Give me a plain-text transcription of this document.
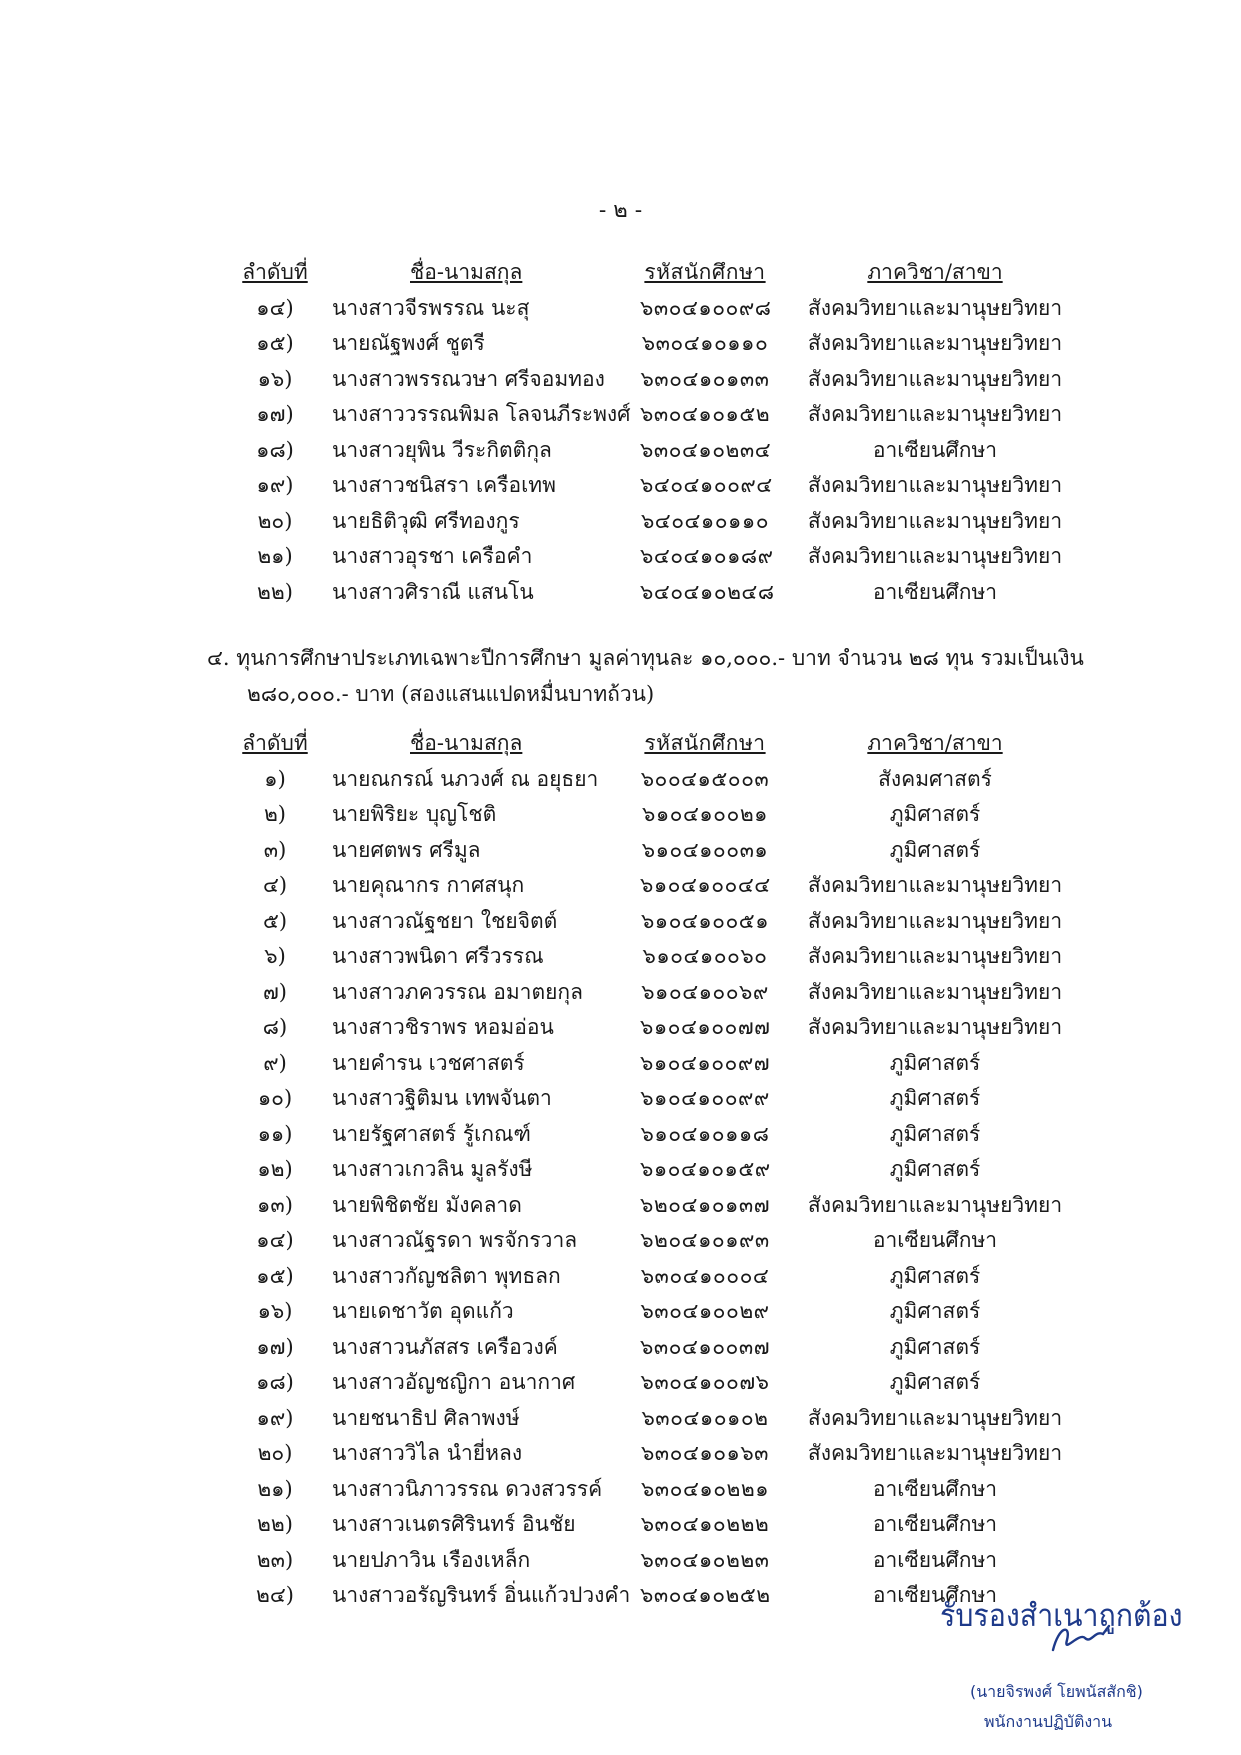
- ๒ -
ลำดับที่	ชื่อ-นามสกุล	รหัสนักศึกษา	ภาควิชา/สาขา
๑๔)	นางสาวจีรพรรณ นะสุ	๖๓๐๔๑๐๐๙๘	สังคมวิทยาและมานุษยวิทยา
๑๕)	นายณัฐพงศ์ ชูตรี	๖๓๐๔๑๐๑๑๐	สังคมวิทยาและมานุษยวิทยา
๑๖)	นางสาวพรรณวษา ศรีจอมทอง ๖๓๐๔๑๐๑๓๓	สังคมวิทยาและมานุษยวิทยา
๑๗)	นางสาววรรณพิมล โลจนภีระพงศ์ ๖๓๐๔๑๐๑๕๒	สังคมวิทยาและมานุษยวิทยา
๑๘)	นางสาวยุพิน วีระกิตติกุล	๖๓๐๔๑๐๒๓๔	อาเซียนศึกษา
๑๙)	นางสาวชนิสรา เครือเทพ	๖๔๐๔๑๐๐๙๔	สังคมวิทยาและมานุษยวิทยา
๒๐)	นายธิติวุฒิ ศรีทองกูร	๖๔๐๔๑๐๑๑๐	สังคมวิทยาและมานุษยวิทยา
๒๑)	นางสาวอุรชา เครือคำ	๖๔๐๔๑๐๑๘๙	สังคมวิทยาและมานุษยวิทยา
๒๒)	นางสาวศิราณี แสนโน	๖๔๐๔๑๐๒๔๘	อาเซียนศึกษา
๔. ทุนการศึกษาประเภทเฉพาะปีการศึกษา มูลค่าทุนละ ๑๐,๐๐๐.- บาท จำนวน ๒๘ ทุน รวมเป็นเงิน
๒๘๐,๐๐๐.- บาท (สองแสนแปดหมื่นบาทถ้วน)
ลำดับที่	ชื่อ-นามสกุล	รหัสนักศึกษา	ภาควิชา/สาขา
๑)	นายณกรณ์ นภวงศ์ ณ อยุธยา ๖๐๐๔๑๕๐๐๓	สังคมศาสตร์
๒)	นายพิริยะ บุญโชติ	๖๑๐๔๑๐๐๒๑	ภูมิศาสตร์
๓)	นายศตพร ศรีมูล	๖๑๐๔๑๐๐๓๑	ภูมิศาสตร์
๔)	นายคุณากร กาศสนุก	๖๑๐๔๑๐๐๔๔	สังคมวิทยาและมานุษยวิทยา
๕)	นางสาวณัฐชยา ใชยจิตต์	๖๑๐๔๑๐๐๕๑	สังคมวิทยาและมานุษยวิทยา
๖)	นางสาวพนิดา ศรีวรรณ	๖๑๐๔๑๐๐๖๐	สังคมวิทยาและมานุษยวิทยา
๗)	นางสาวภควรรณ อมาตยกุล	๖๑๐๔๑๐๐๖๙	สังคมวิทยาและมานุษยวิทยา
๘)	นางสาวชิราพร หอมอ่อน	๖๑๐๔๑๐๐๗๗	สังคมวิทยาและมานุษยวิทยา
๙)	นายคำรน เวชศาสตร์	๖๑๐๔๑๐๐๙๗	ภูมิศาสตร์
๑๐)	นางสาวฐิติมน เทพจันตา	๖๑๐๔๑๐๐๙๙	ภูมิศาสตร์
๑๑)	นายรัฐศาสตร์ รู้เกณฑ์	๖๑๐๔๑๐๑๑๘	ภูมิศาสตร์
๑๒)	นางสาวเกวลิน มูลรังษี	๖๑๐๔๑๐๑๕๙	ภูมิศาสตร์
๑๓)	นายพิชิตชัย มังคลาด	๖๒๐๔๑๐๑๓๗	สังคมวิทยาและมานุษยวิทยา
๑๔)	นางสาวณัฐรดา พรจักรวาล	๖๒๐๔๑๐๑๙๓	อาเซียนศึกษา
๑๕)	นางสาวกัญชลิตา พุทธลก	๖๓๐๔๑๐๐๐๔	ภูมิศาสตร์
๑๖)	นายเดชาวัต อุดแก้ว	๖๓๐๔๑๐๐๒๙	ภูมิศาสตร์
๑๗)	นางสาวนภัสสร เครือวงค์	๖๓๐๔๑๐๐๓๗	ภูมิศาสตร์
๑๘)	นางสาวอัญชญิกา อนากาศ	๖๓๐๔๑๐๐๗๖	ภูมิศาสตร์
๑๙)	นายชนาธิป ศิลาพงษ์	๖๓๐๔๑๐๑๐๒	สังคมวิทยาและมานุษยวิทยา
๒๐)	นางสาววิไล นำยี่หลง	๖๓๐๔๑๐๑๖๓	สังคมวิทยาและมานุษยวิทยา
๒๑)	นางสาวนิภาวรรณ ดวงสวรรค์ ๖๓๐๔๑๐๒๒๑	อาเซียนศึกษา
๒๒)	นางสาวเนตรศิรินทร์ อินชัย	๖๓๐๔๑๐๒๒๒	อาเซียนศึกษา
๒๓)	นายปภาวิน เรืองเหล็ก	๖๓๐๔๑๐๒๒๓	อาเซียนศึกษา
๒๔)	นางสาวอรัญรินทร์ อิ่นแก้วปวงคำ ๖๓๐๔๑๐๒๕๒	อาเซียนศึกษา
รับรองสำเนาถูกต้อง
(นายจิรพงศ์ โยพนัสสักชิ)
พนักงานปฏิบัติงาน
